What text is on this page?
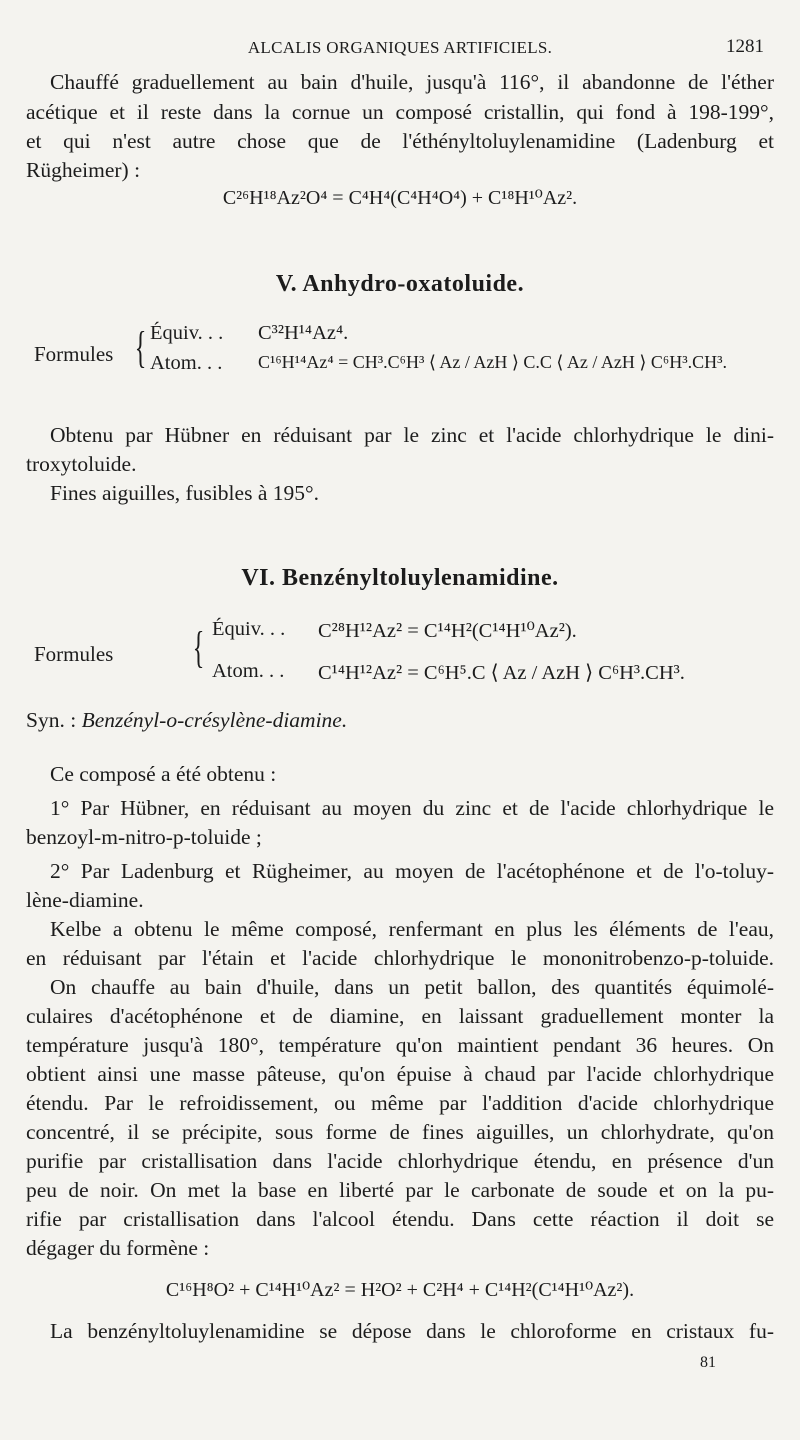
ALCALIS ORGANIQUES ARTIFICIELS.	1281
Chauffé graduellement au bain d'huile, jusqu'à 116°, il abandonne de l'éther
acétique et il reste dans la cornue un composé cristallin, qui fond à 198-199°,
et qui n'est autre chose que de l'éthényltoluylenamidine (Ladenburg et
Rügheimer) :
C²⁶H¹⁸Az²O⁴ = C⁴H⁴(C⁴H⁴O⁴) + C¹⁸H¹⁰Az².
V. Anhydro-oxatoluide.
Formules { Équiv. . . C³²H¹⁴Az⁴.
Atom. . . C¹⁶H¹⁴Az⁴ = CH³.C⁶H³ ⟨ Az / AzH ⟩ C.C ⟨ Az / AzH ⟩ C⁶H³.CH³.
Obtenu par Hübner en réduisant par le zinc et l'acide chlorhydrique le dini-
troxytoluide.
Fines aiguilles, fusibles à 195°.
VI. Benzényltoluylenamidine.
Formules { Équiv. . . C²⁸H¹²Az² = C¹⁴H²(C¹⁴H¹⁰Az²).
Atom. . . C¹⁴H¹²Az² = C⁶H⁵.C ⟨ Az / AzH ⟩ C⁶H³.CH³.
Syn. : Benzényl-o-crésylène-diamine.
Ce composé a été obtenu :
1° Par Hübner, en réduisant au moyen du zinc et de l'acide chlorhydrique le
benzoyl-m-nitro-p-toluide ;
2° Par Ladenburg et Rügheimer, au moyen de l'acétophénone et de l'o-toluy-
lène-diamine.
Kelbe a obtenu le même composé, renfermant en plus les éléments de l'eau,
en réduisant par l'étain et l'acide chlorhydrique le mononitrobenzo-p-toluide.
On chauffe au bain d'huile, dans un petit ballon, des quantités équimolé-
culaires d'acétophénone et de diamine, en laissant graduellement monter la
température jusqu'à 180°, température qu'on maintient pendant 36 heures. On
obtient ainsi une masse pâteuse, qu'on épuise à chaud par l'acide chlorhydrique
étendu. Par le refroidissement, ou même par l'addition d'acide chlorhydrique
concentré, il se précipite, sous forme de fines aiguilles, un chlorhydrate, qu'on
purifie par cristallisation dans l'acide chlorhydrique étendu, en présence d'un
peu de noir. On met la base en liberté par le carbonate de soude et on la pu-
rifie par cristallisation dans l'alcool étendu. Dans cette réaction il doit se
dégager du formène :
C¹⁶H⁸O² + C¹⁴H¹⁰Az² = H²O² + C²H⁴ + C¹⁴H²(C¹⁴H¹⁰Az²).
La benzényltoluylenamidine se dépose dans le chloroforme en cristaux fu-
81
